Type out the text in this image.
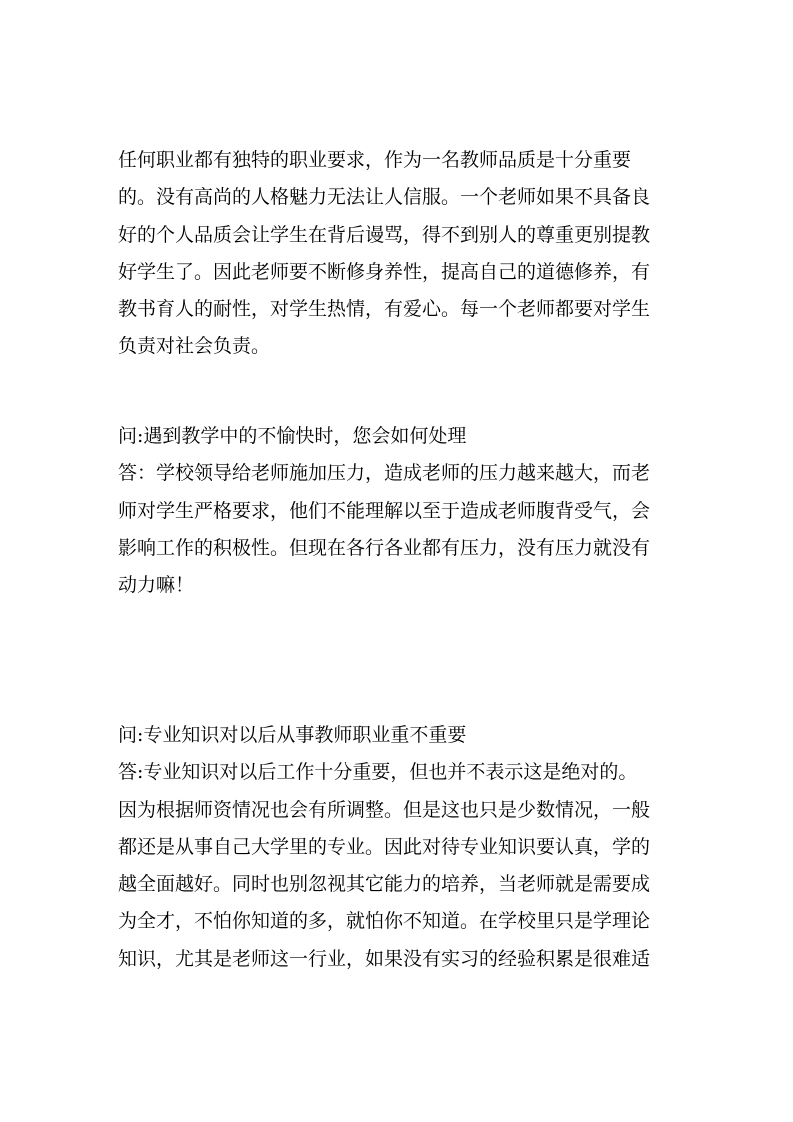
任何职业都有独特的职业要求，作为一名教师品质是十分重要
的。没有高尚的人格魅力无法让人信服。一个老师如果不具备良
好的个人品质会让学生在背后谩骂，得不到别人的尊重更别提教
好学生了。因此老师要不断修身养性，提高自己的道德修养，有
教书育人的耐性，对学生热情，有爱心。每一个老师都要对学生
负责对社会负责。
问:遇到教学中的不愉快时，您会如何处理
答：学校领导给老师施加压力，造成老师的压力越来越大，而老
师对学生严格要求，他们不能理解以至于造成老师腹背受气，会
影响工作的积极性。但现在各行各业都有压力，没有压力就没有
动力嘛！
问:专业知识对以后从事教师职业重不重要
答:专业知识对以后工作十分重要，但也并不表示这是绝对的。
因为根据师资情况也会有所调整。但是这也只是少数情况，一般
都还是从事自己大学里的专业。因此对待专业知识要认真，学的
越全面越好。同时也别忽视其它能力的培养，当老师就是需要成
为全才，不怕你知道的多，就怕你不知道。在学校里只是学理论
知识，尤其是老师这一行业，如果没有实习的经验积累是很难适
